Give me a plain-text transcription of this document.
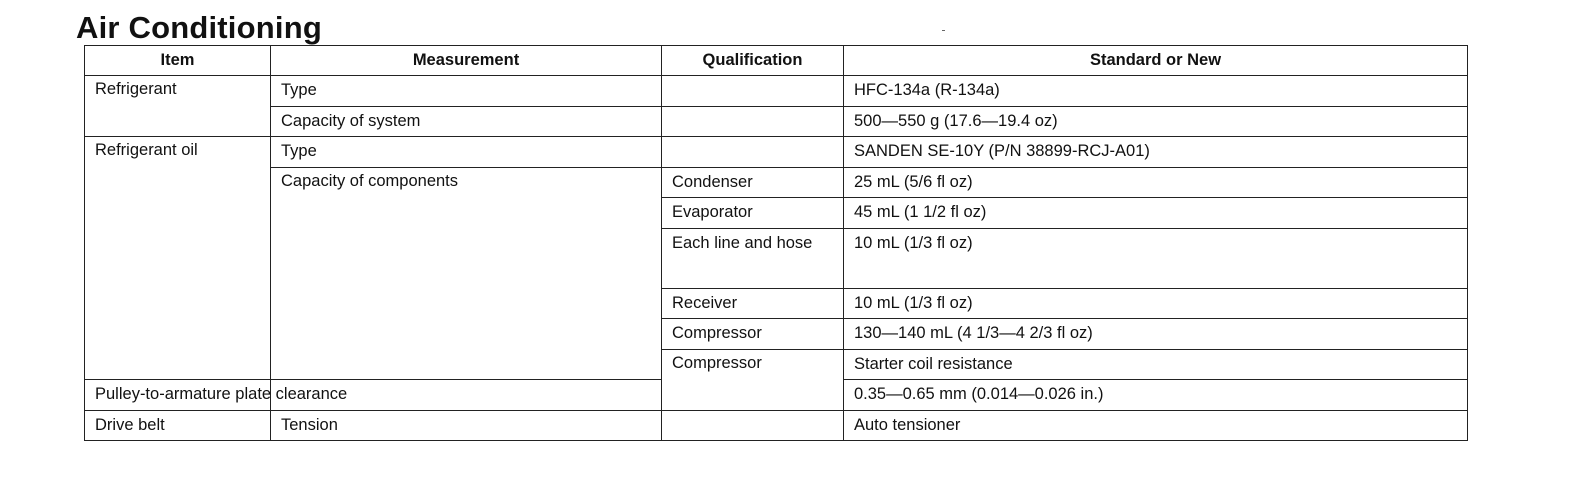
Air Conditioning
Item	Measurement	Qualification	Standard or New	
Refrigerant	Type		HFC-134a (R-134a)	
	Capacity of system		500—550 g (17.6—19.4 oz)	
Refrigerant oil	Type		SANDEN SE-10Y (P/N 38899-RCJ-A01)	
	Capacity of components	Condenser	25 mL (5/6 fl oz)	
		Evaporator	45 mL (1 1/2 fl oz)	
		Each line and hose	10 mL (1/3 fl oz)	
		Receiver	10 mL (1/3 fl oz)	
		Compressor	130—140 mL (4 1/3—4 2/3 fl oz)	
		Compressor	Starter coil resistance		
Pulley-to-armature plate clearance			0.35—0.65 mm (0.014—0.026 in.)	
Drive belt	Tension		Auto tensioner	
